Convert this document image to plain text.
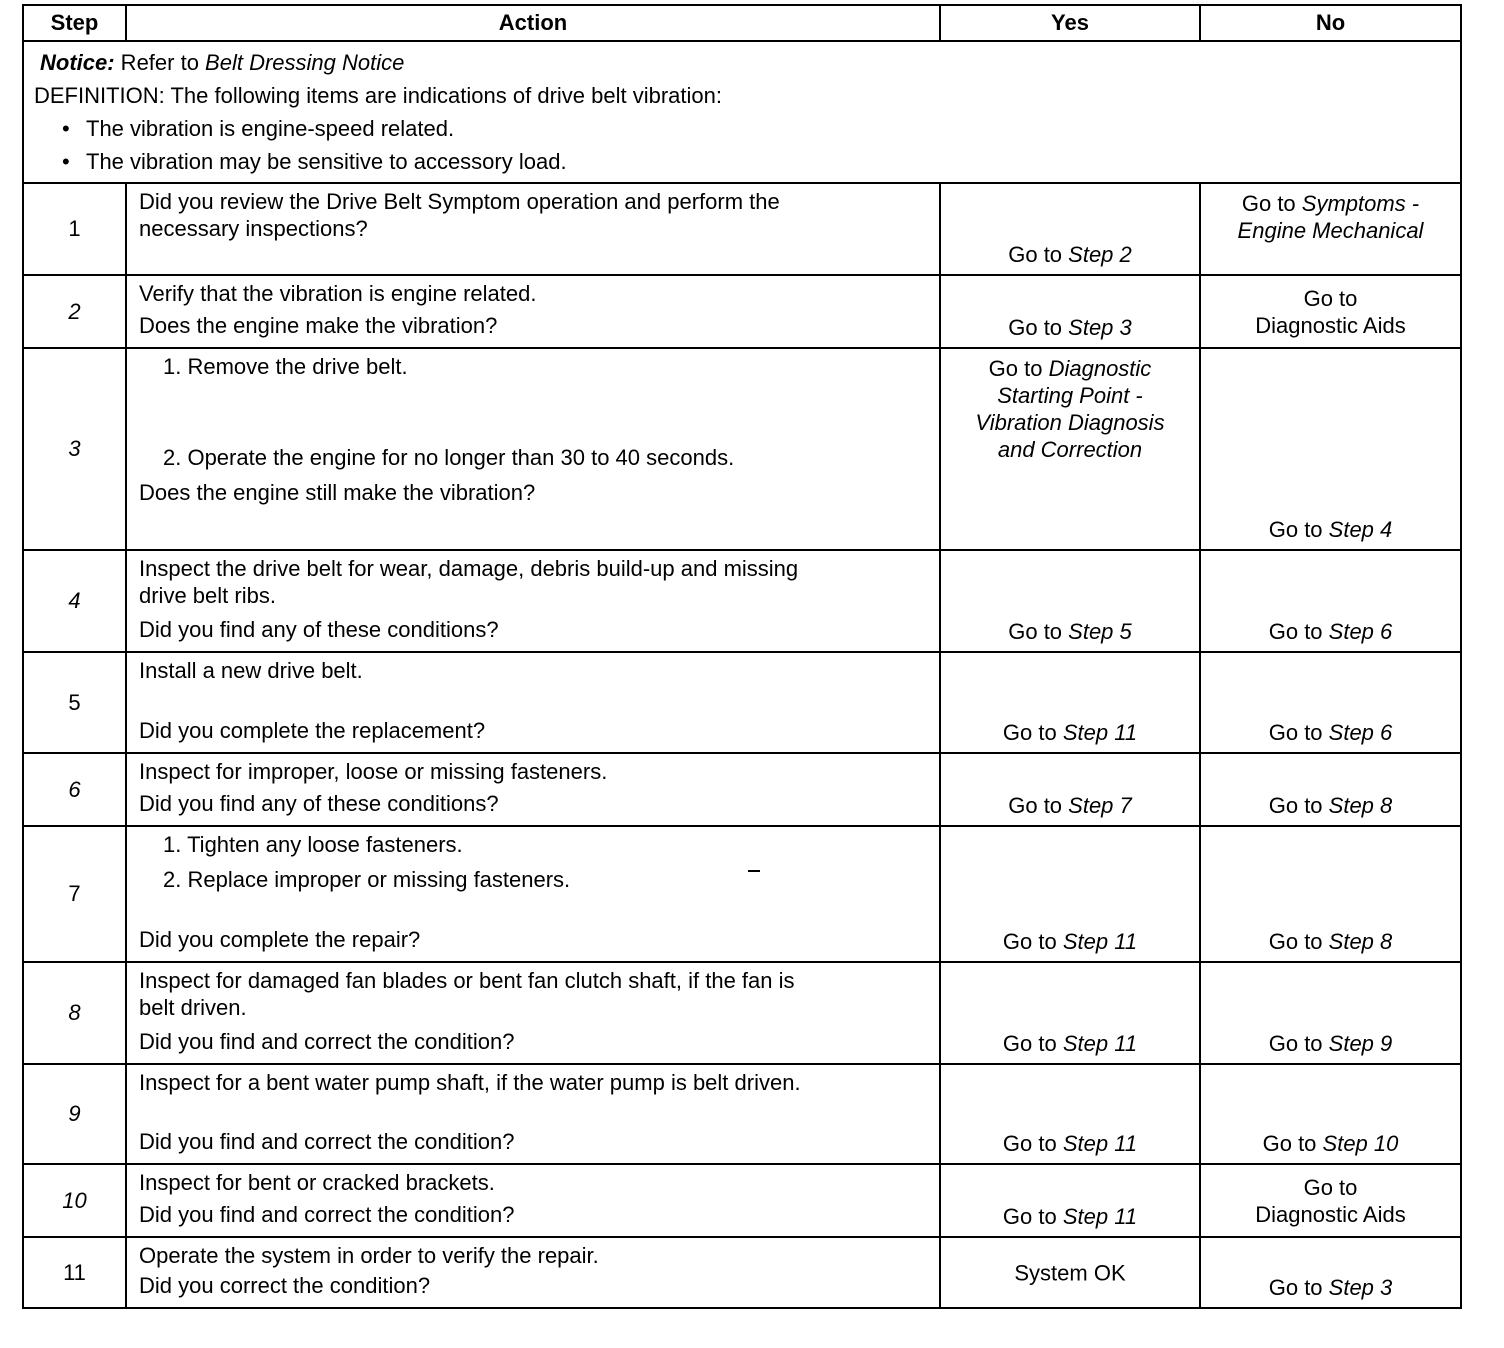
Step	Action	Yes	No

Notice: Refer to Belt Dressing Notice
DEFINITION: The following items are indications of drive belt vibration:
• The vibration is engine-speed related.
• The vibration may be sensitive to accessory load.			

1	Did you review the Drive Belt Symptom operation and perform the
necessary inspections?	Go to Step 2	Go to Symptoms -
Engine Mechanical

2	Verify that the vibration is engine related.
Does the engine make the vibration?	Go to Step 3	Go to
Diagnostic Aids

3	1. Remove the drive belt.
2. Operate the engine for no longer than 30 to 40 seconds.
Does the engine still make the vibration?	Go to Diagnostic
Starting Point -
Vibration Diagnosis
and Correction	Go to Step 4

4	Inspect the drive belt for wear, damage, debris build-up and missing
drive belt ribs.
Did you find any of these conditions?	Go to Step 5	Go to Step 6

5	Install a new drive belt.
Did you complete the replacement?	Go to Step 11	Go to Step 6

6	Inspect for improper, loose or missing fasteners.
Did you find any of these conditions?	Go to Step 7	Go to Step 8

7	1. Tighten any loose fasteners.
2. Replace improper or missing fasteners.
Did you complete the repair?	Go to Step 11	Go to Step 8

8	Inspect for damaged fan blades or bent fan clutch shaft, if the fan is
belt driven.
Did you find and correct the condition?	Go to Step 11	Go to Step 9

9	Inspect for a bent water pump shaft, if the water pump is belt driven.
Did you find and correct the condition?	Go to Step 11	Go to Step 10

10	Inspect for bent or cracked brackets.
Did you find and correct the condition?	Go to Step 11	Go to
Diagnostic Aids

11	Operate the system in order to verify the repair.
Did you correct the condition?	System OK	Go to Step 3
